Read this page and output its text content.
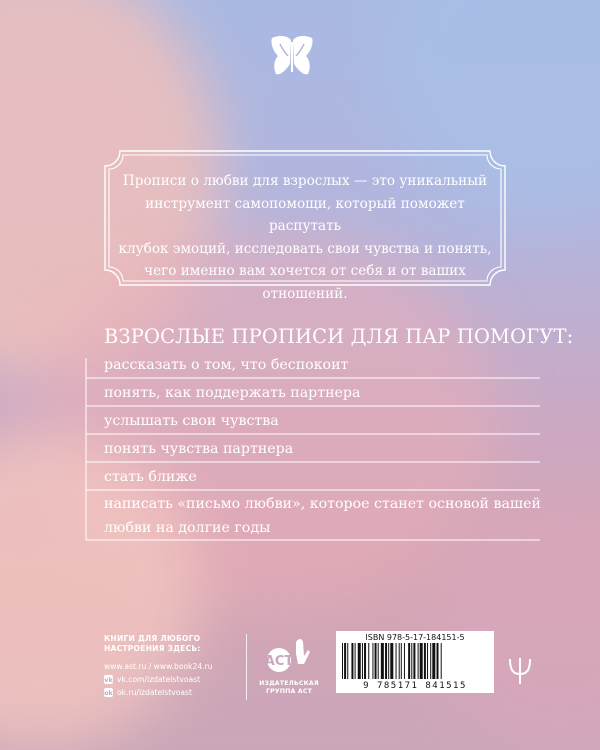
Прописи о любви для взрослых — это уникальный
инструмент самопомощи, который поможет распутать
клубок эмоций, исследовать свои чувства и понять,
чего именно вам хочется от себя и от ваших отношений.
ВЗРОСЛЫЕ ПРОПИСИ ДЛЯ ПАР ПОМОГУТ:
рассказать о том, что беспокоит
понять, как поддержать партнера
услышать свои чувства
понять чувства партнера
стать ближе
написать «письмо любви», которое станет основой вашей любви на долгие годы
КНИГИ ДЛЯ ЛЮБОГО НАСТРОЕНИЯ ЗДЕСЬ:
www.ast.ru / www.book24.ru
vk vk.com/izdatelstvoast
ok ok.ru/izdatelstvoast
ACT
ИЗДАТЕЛЬСКАЯ ГРУППА АСТ
ISBN 978-5-17-184151-5
9 785171 841515
